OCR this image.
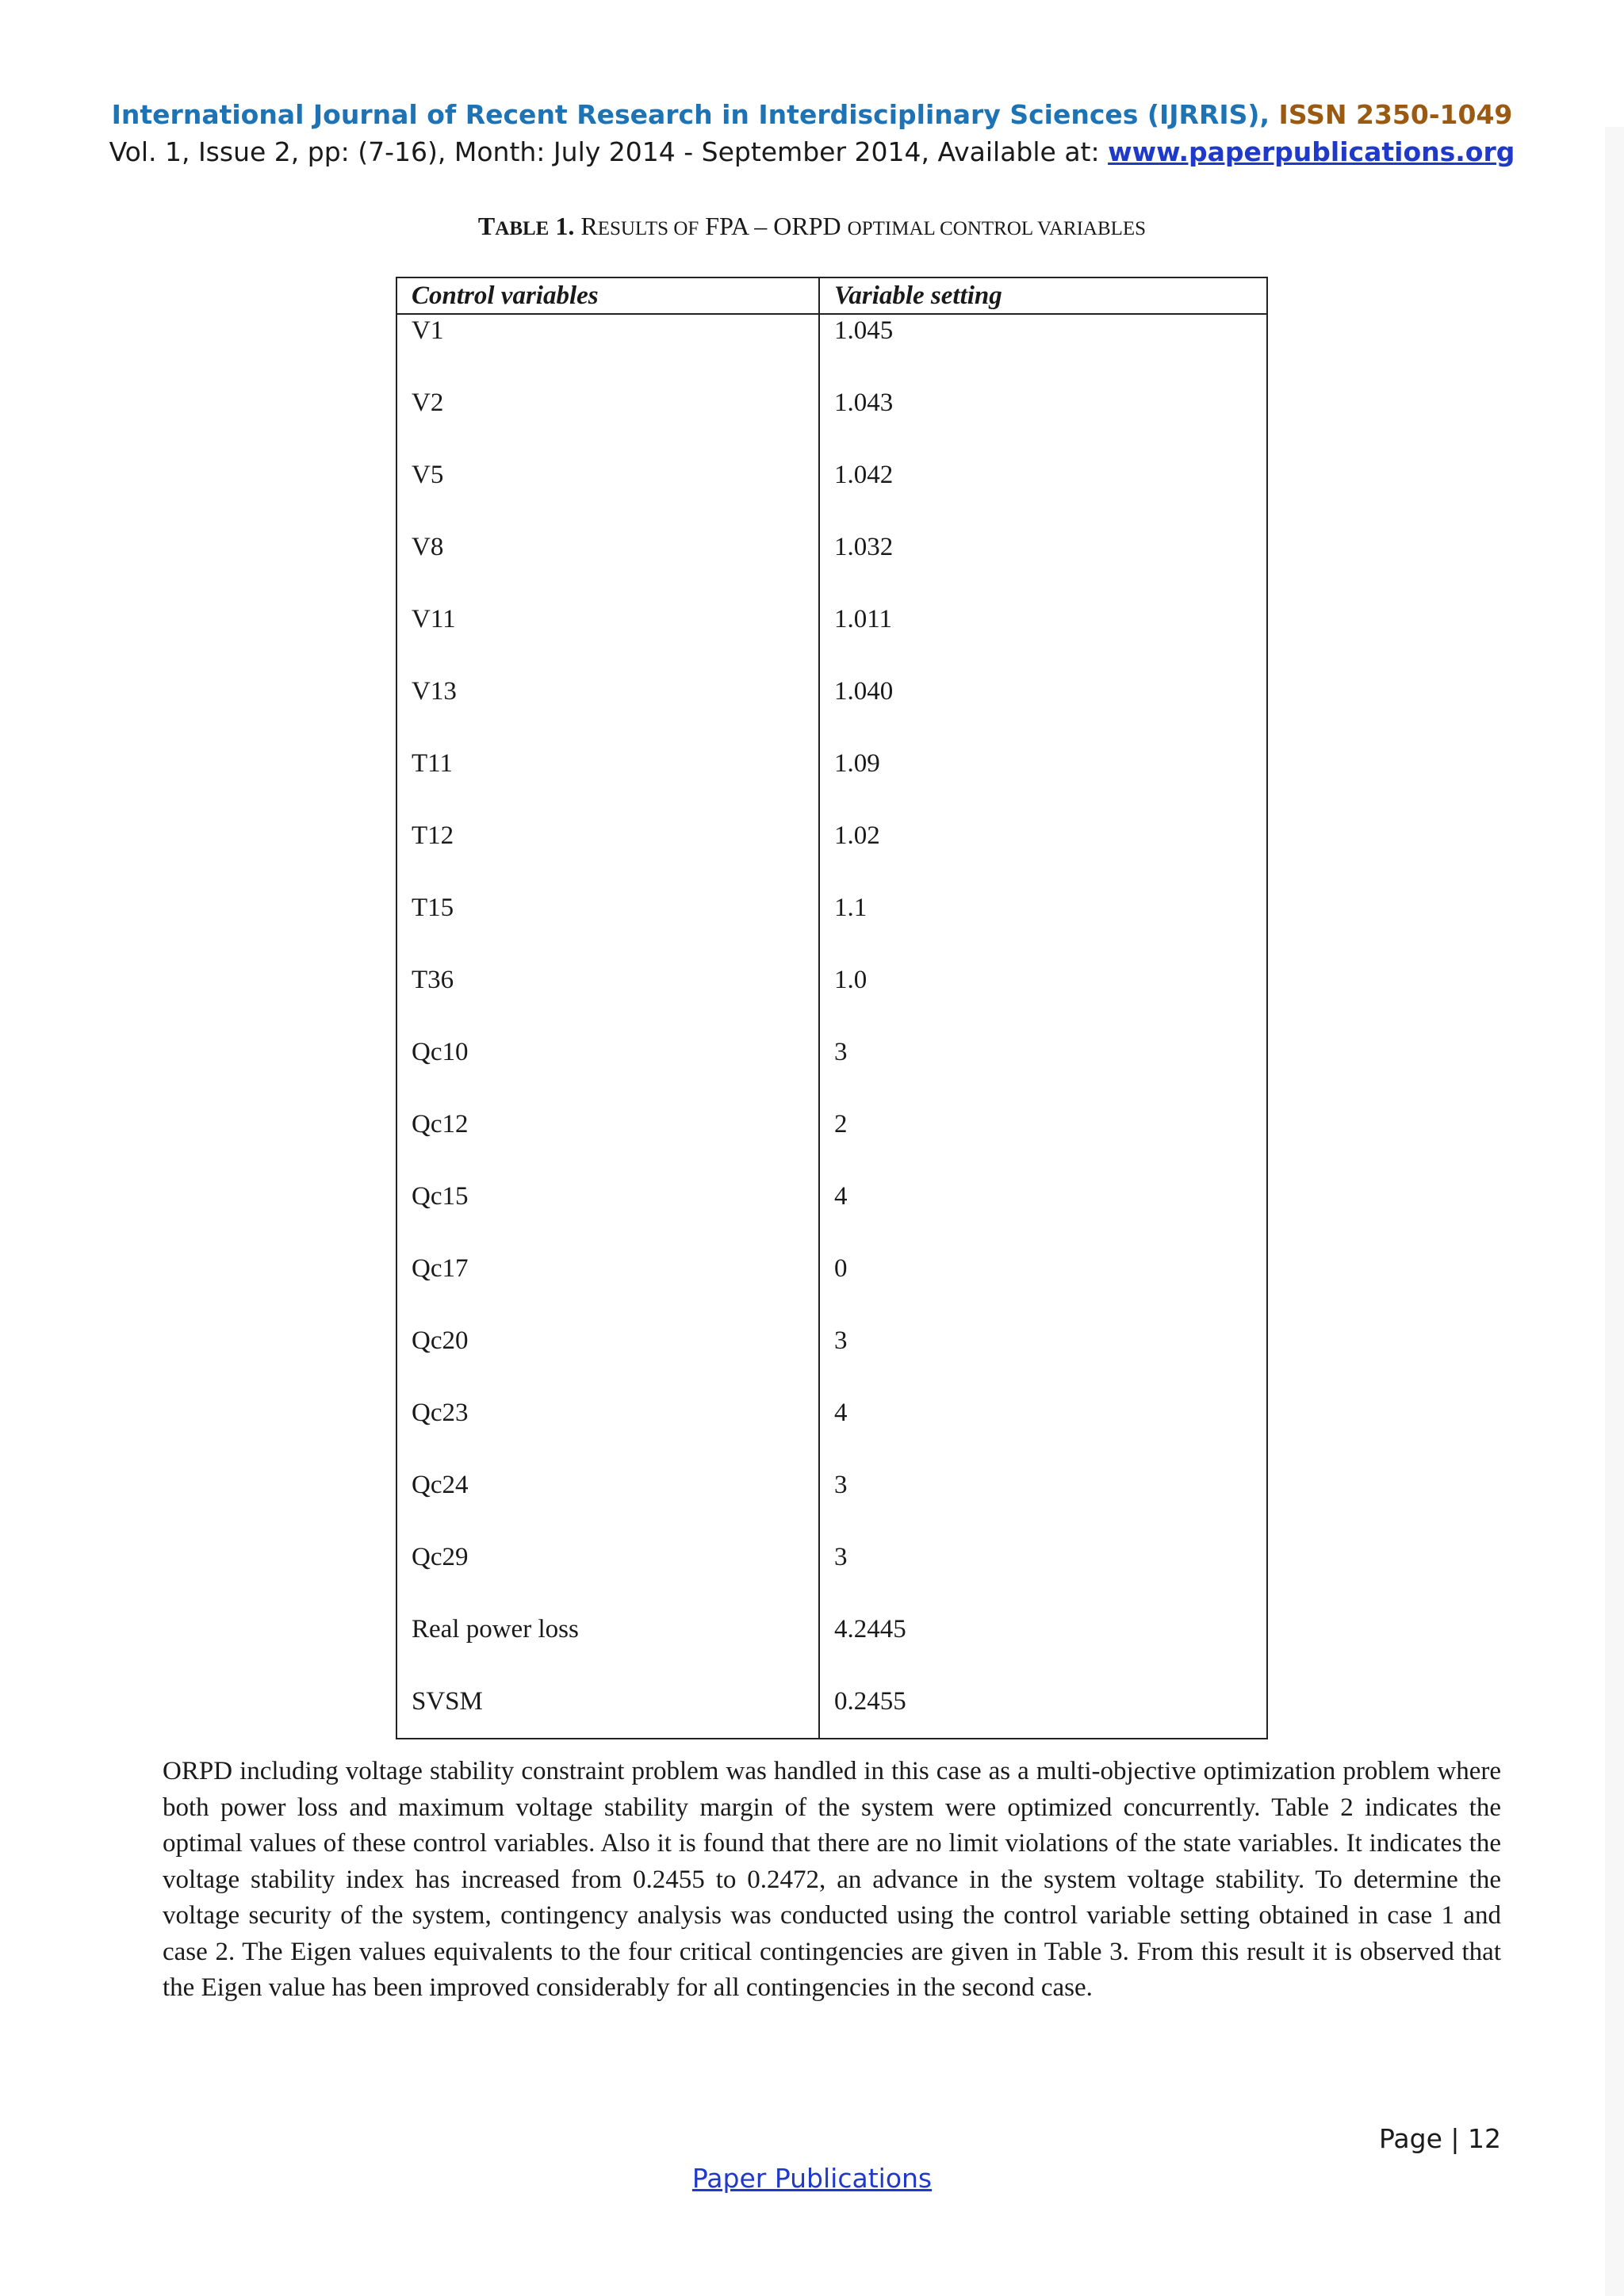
International Journal of Recent Research in Interdisciplinary Sciences (IJRRIS), ISSN 2350-1049
Vol. 1, Issue 2, pp: (7-16), Month: July 2014 - September 2014, Available at: www.paperpublications.org
TABLE 1. RESULTS OF FPA – ORPD OPTIMAL CONTROL VARIABLES
Control variables	Variable setting
V1	1.045
V2	1.043
V5	1.042
V8	1.032
V11	1.011
V13	1.040
T11	1.09
T12	1.02
T15	1.1
T36	1.0
Qc10	3
Qc12	2
Qc15	4
Qc17	0
Qc20	3
Qc23	4
Qc24	3
Qc29	3
Real power loss	4.2445
SVSM	0.2455
ORPD including voltage stability constraint problem was handled in this case as a multi-objective optimization problem where both power loss and maximum voltage stability margin of the system were optimized concurrently. Table 2 indicates the optimal values of these control variables. Also it is found that there are no limit violations of the state variables. It indicates the voltage stability index has increased from 0.2455 to 0.2472, an advance in the system voltage stability. To determine the voltage security of the system, contingency analysis was conducted using the control variable setting obtained in case 1 and case 2. The Eigen values equivalents to the four critical contingencies are given in Table 3. From this result it is observed that the Eigen value has been improved considerably for all contingencies in the second case.
Page | 12
Paper Publications
